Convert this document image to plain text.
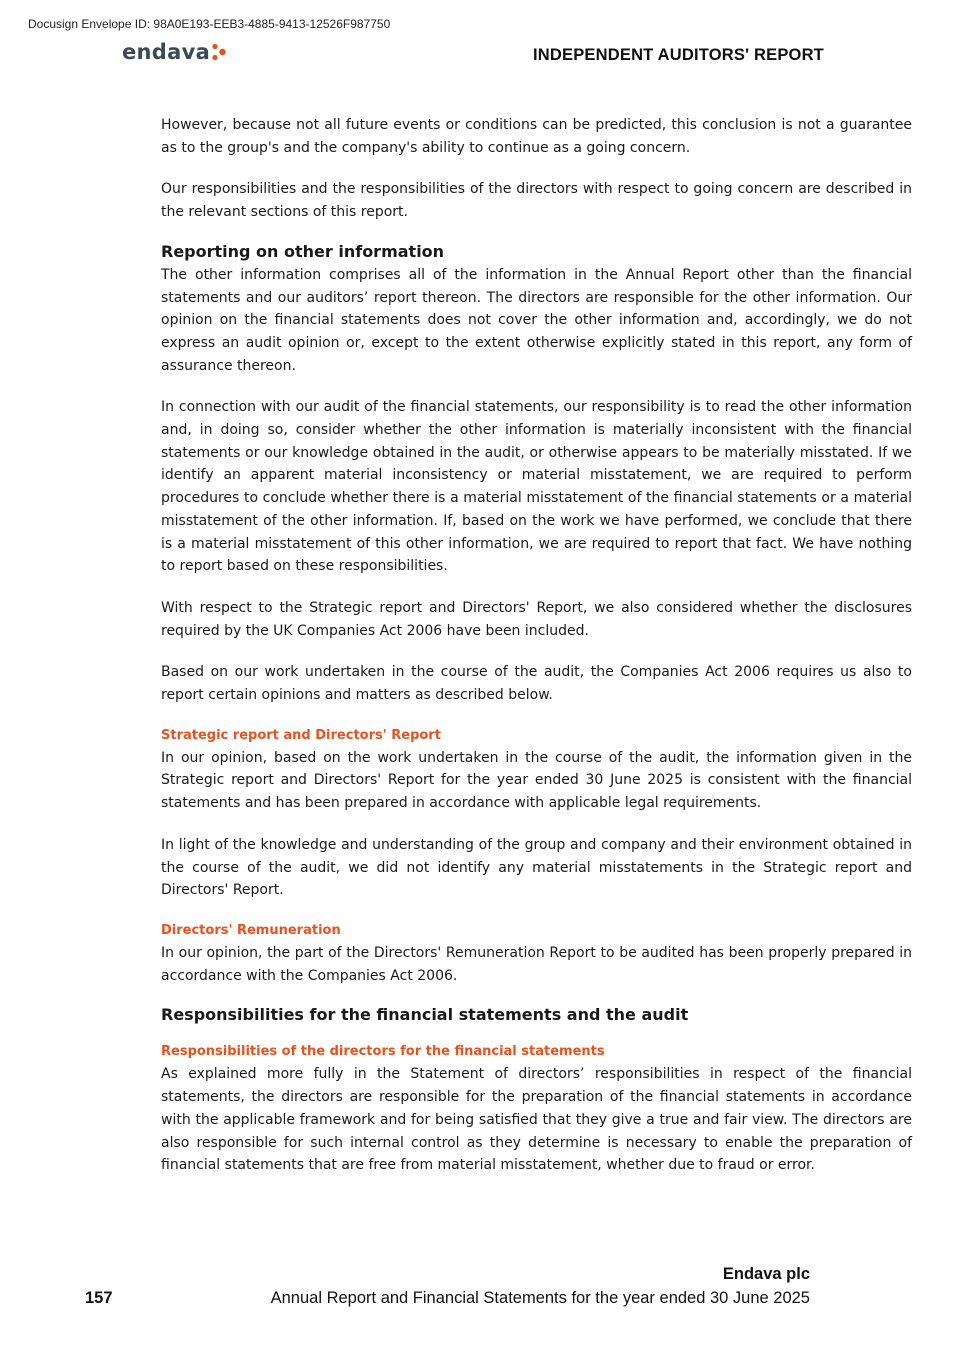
Docusign Envelope ID: 98A0E193-EEB3-4885-9413-12526F987750
endava	INDEPENDENT AUDITORS' REPORT

However, because not all future events or conditions can be predicted, this conclusion is not a guarantee as to the group's and the company's ability to continue as a going concern.

Our responsibilities and the responsibilities of the directors with respect to going concern are described in the relevant sections of this report.

Reporting on other information

The other information comprises all of the information in the Annual Report other than the financial statements and our auditors’ report thereon. The directors are responsible for the other information. Our opinion on the financial statements does not cover the other information and, accordingly, we do not express an audit opinion or, except to the extent otherwise explicitly stated in this report, any form of assurance thereon.

In connection with our audit of the financial statements, our responsibility is to read the other information and, in doing so, consider whether the other information is materially inconsistent with the financial statements or our knowledge obtained in the audit, or otherwise appears to be materially misstated. If we identify an apparent material inconsistency or material misstatement, we are required to perform procedures to conclude whether there is a material misstatement of the financial statements or a material misstatement of the other information. If, based on the work we have performed, we conclude that there is a material misstatement of this other information, we are required to report that fact. We have nothing to report based on these responsibilities.

With respect to the Strategic report and Directors' Report, we also considered whether the disclosures required by the UK Companies Act 2006 have been included.

Based on our work undertaken in the course of the audit, the Companies Act 2006 requires us also to report certain opinions and matters as described below.

Strategic report and Directors' Report

In our opinion, based on the work undertaken in the course of the audit, the information given in the Strategic report and Directors' Report for the year ended 30 June 2025 is consistent with the financial statements and has been prepared in accordance with applicable legal requirements.

In light of the knowledge and understanding of the group and company and their environment obtained in the course of the audit, we did not identify any material misstatements in the Strategic report and Directors' Report.

Directors' Remuneration

In our opinion, the part of the Directors' Remuneration Report to be audited has been properly prepared in accordance with the Companies Act 2006.

Responsibilities for the financial statements and the audit
Responsibilities of the directors for the financial statements

As explained more fully in the Statement of directors’ responsibilities in respect of the financial statements, the directors are responsible for the preparation of the financial statements in accordance with the applicable framework and for being satisfied that they give a true and fair view. The directors are also responsible for such internal control as they determine is necessary to enable the preparation of financial statements that are free from material misstatement, whether due to fraud or error.

Endava plc
157	Annual Report and Financial Statements for the year ended 30 June 2025
